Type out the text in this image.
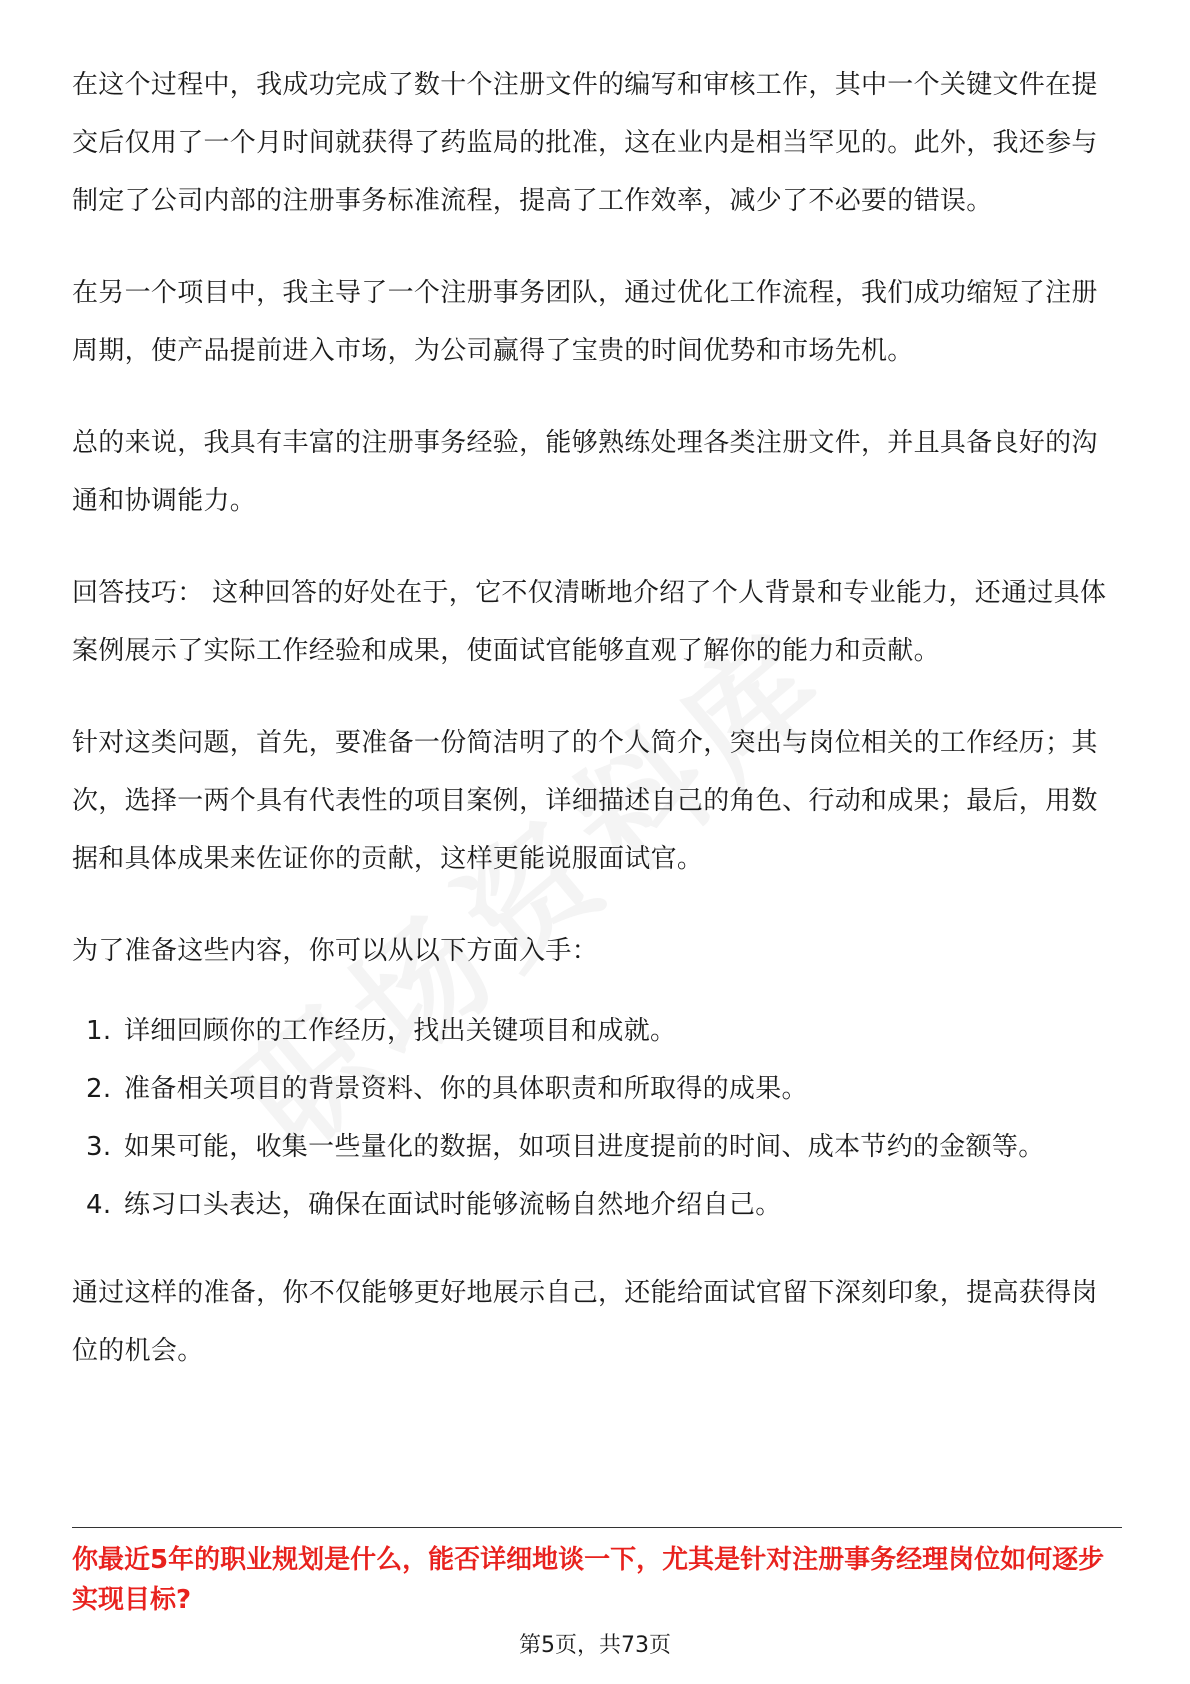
在这个过程中，我成功完成了数十个注册文件的编写和审核工作，其中一个关键文件在提交后仅用了一个月时间就获得了药监局的批准，这在业内是相当罕见的。此外，我还参与制定了公司内部的注册事务标准流程，提高了工作效率，减少了不必要的错误。

在另一个项目中，我主导了一个注册事务团队，通过优化工作流程，我们成功缩短了注册周期，使产品提前进入市场，为公司赢得了宝贵的时间优势和市场先机。

总的来说，我具有丰富的注册事务经验，能够熟练处理各类注册文件，并且具备良好的沟通和协调能力。

回答技巧： 这种回答的好处在于，它不仅清晰地介绍了个人背景和专业能力，还通过具体案例展示了实际工作经验和成果，使面试官能够直观了解你的能力和贡献。

针对这类问题，首先，要准备一份简洁明了的个人简介，突出与岗位相关的工作经历；其次，选择一两个具有代表性的项目案例，详细描述自己的角色、行动和成果；最后，用数据和具体成果来佐证你的贡献，这样更能说服面试官。

为了准备这些内容，你可以从以下方面入手：

1. 详细回顾你的工作经历，找出关键项目和成就。
2. 准备相关项目的背景资料、你的具体职责和所取得的成果。
3. 如果可能，收集一些量化的数据，如项目进度提前的时间、成本节约的金额等。
4. 练习口头表达，确保在面试时能够流畅自然地介绍自己。

通过这样的准备，你不仅能够更好地展示自己，还能给面试官留下深刻印象，提高获得岗位的机会。

你最近5年的职业规划是什么，能否详细地谈一下，尤其是针对注册事务经理岗位如何逐步实现目标?

第5页，共73页
